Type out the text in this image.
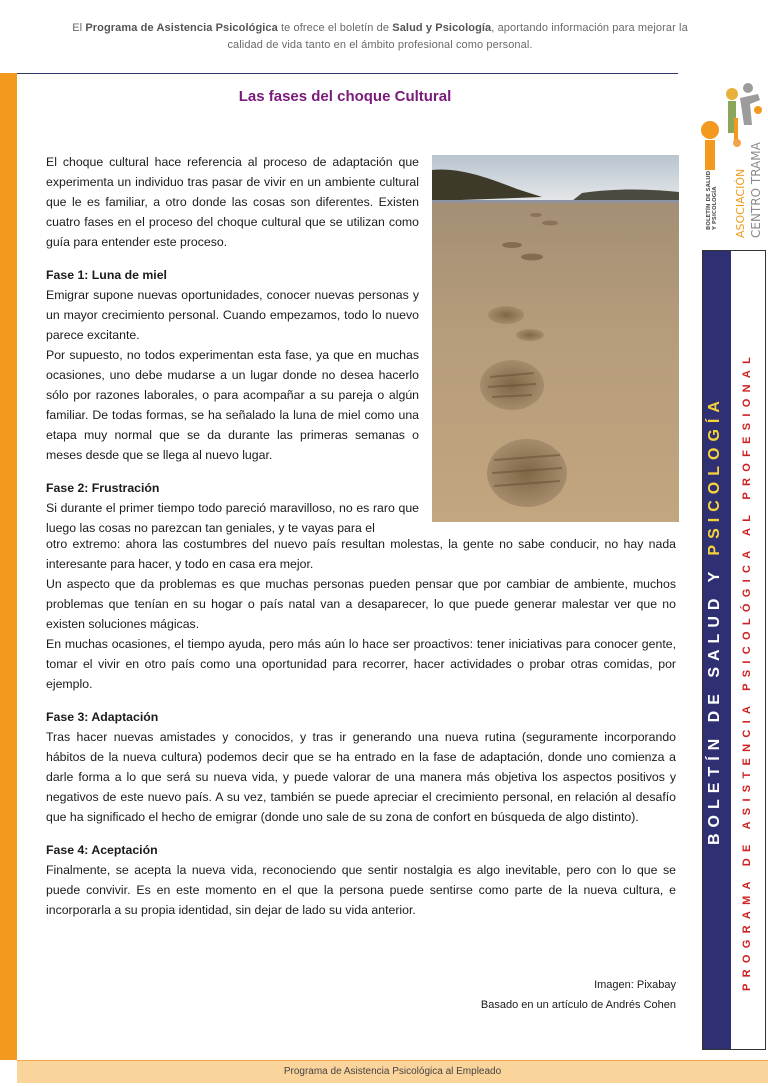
El Programa de Asistencia Psicológica te ofrece el boletín de Salud y Psicología, aportando información para mejorar la
calidad de vida tanto en el ámbito profesional como personal.
Las fases del choque Cultural

El choque cultural hace referencia al proceso de adaptación que experimenta un individuo tras pasar de vivir en un ambiente cultural que le es familiar, a otro donde las cosas son diferentes. Existen cuatro fases en el proceso del choque cultural que se utilizan como guía para entender este proceso.

Fase 1: Luna de miel

Emigrar supone nuevas oportunidades, conocer nuevas personas y un mayor crecimiento personal. Cuando empezamos, todo lo nuevo parece excitante.

Por supuesto, no todos experimentan esta fase, ya que en muchas ocasiones, uno debe mudarse a un lugar donde no desea hacerlo sólo por razones laborales, o para acompañar a su pareja o algún familiar. De todas formas, se ha señalado la luna de miel como una etapa muy normal que se da durante las primeras semanas o meses desde que se llega al nuevo lugar.

Fase 2: Frustración

Si durante el primer tiempo todo pareció maravilloso, no es raro que luego las cosas no parezcan tan geniales, y te vayas para el

otro extremo: ahora las costumbres del nuevo país resultan molestas, la gente no sabe conducir, no hay nada interesante para hacer, y todo en casa era mejor.

Un aspecto que da problemas es que muchas personas pueden pensar que por cambiar de ambiente, muchos problemas que tenían en su hogar o país natal van a desaparecer, lo que puede generar malestar ver que no existen soluciones mágicas.

En muchas ocasiones, el tiempo ayuda, pero más aún lo hace ser proactivos: tener iniciativas para conocer gente, tomar el vivir en otro país como una oportunidad para recorrer, hacer actividades o probar otras comidas, por ejemplo.

Fase 3: Adaptación

Tras hacer nuevas amistades y conocidos, y tras ir generando una nueva rutina (seguramente incorporando hábitos de la nueva cultura) podemos decir que se ha entrado en la fase de adaptación, donde uno comienza a darle forma a lo que será su nueva vida, y puede valorar de una manera más objetiva los aspectos positivos y negativos de este nuevo país. A su vez, también se puede apreciar el crecimiento personal, en relación al desafío que ha significado el hecho de emigrar (donde uno sale de su zona de confort en búsqueda de algo distinto).

Fase 4: Aceptación

Finalmente, se acepta la nueva vida, reconociendo que sentir nostalgia es algo inevitable, pero con lo que se puede convivir. Es en este momento en el que la persona puede sentirse como parte de la nueva cultura, e incorporarla a su propia identidad, sin dejar de lado su vida anterior.

Imagen: Pixabay
Basado en un artículo de Andrés Cohen
BOLETÍN DE SALUDY PSICOLOGÍA ASOCIACIÓN CENTRO TRAMA
BOLETÍN DE SALUD Y PSICOLOGÍA PROGRAMA DE ASISTENCIA PSICOLÓGICA AL PROFESIONAL
Programa de Asistencia Psicológica al Empleado
